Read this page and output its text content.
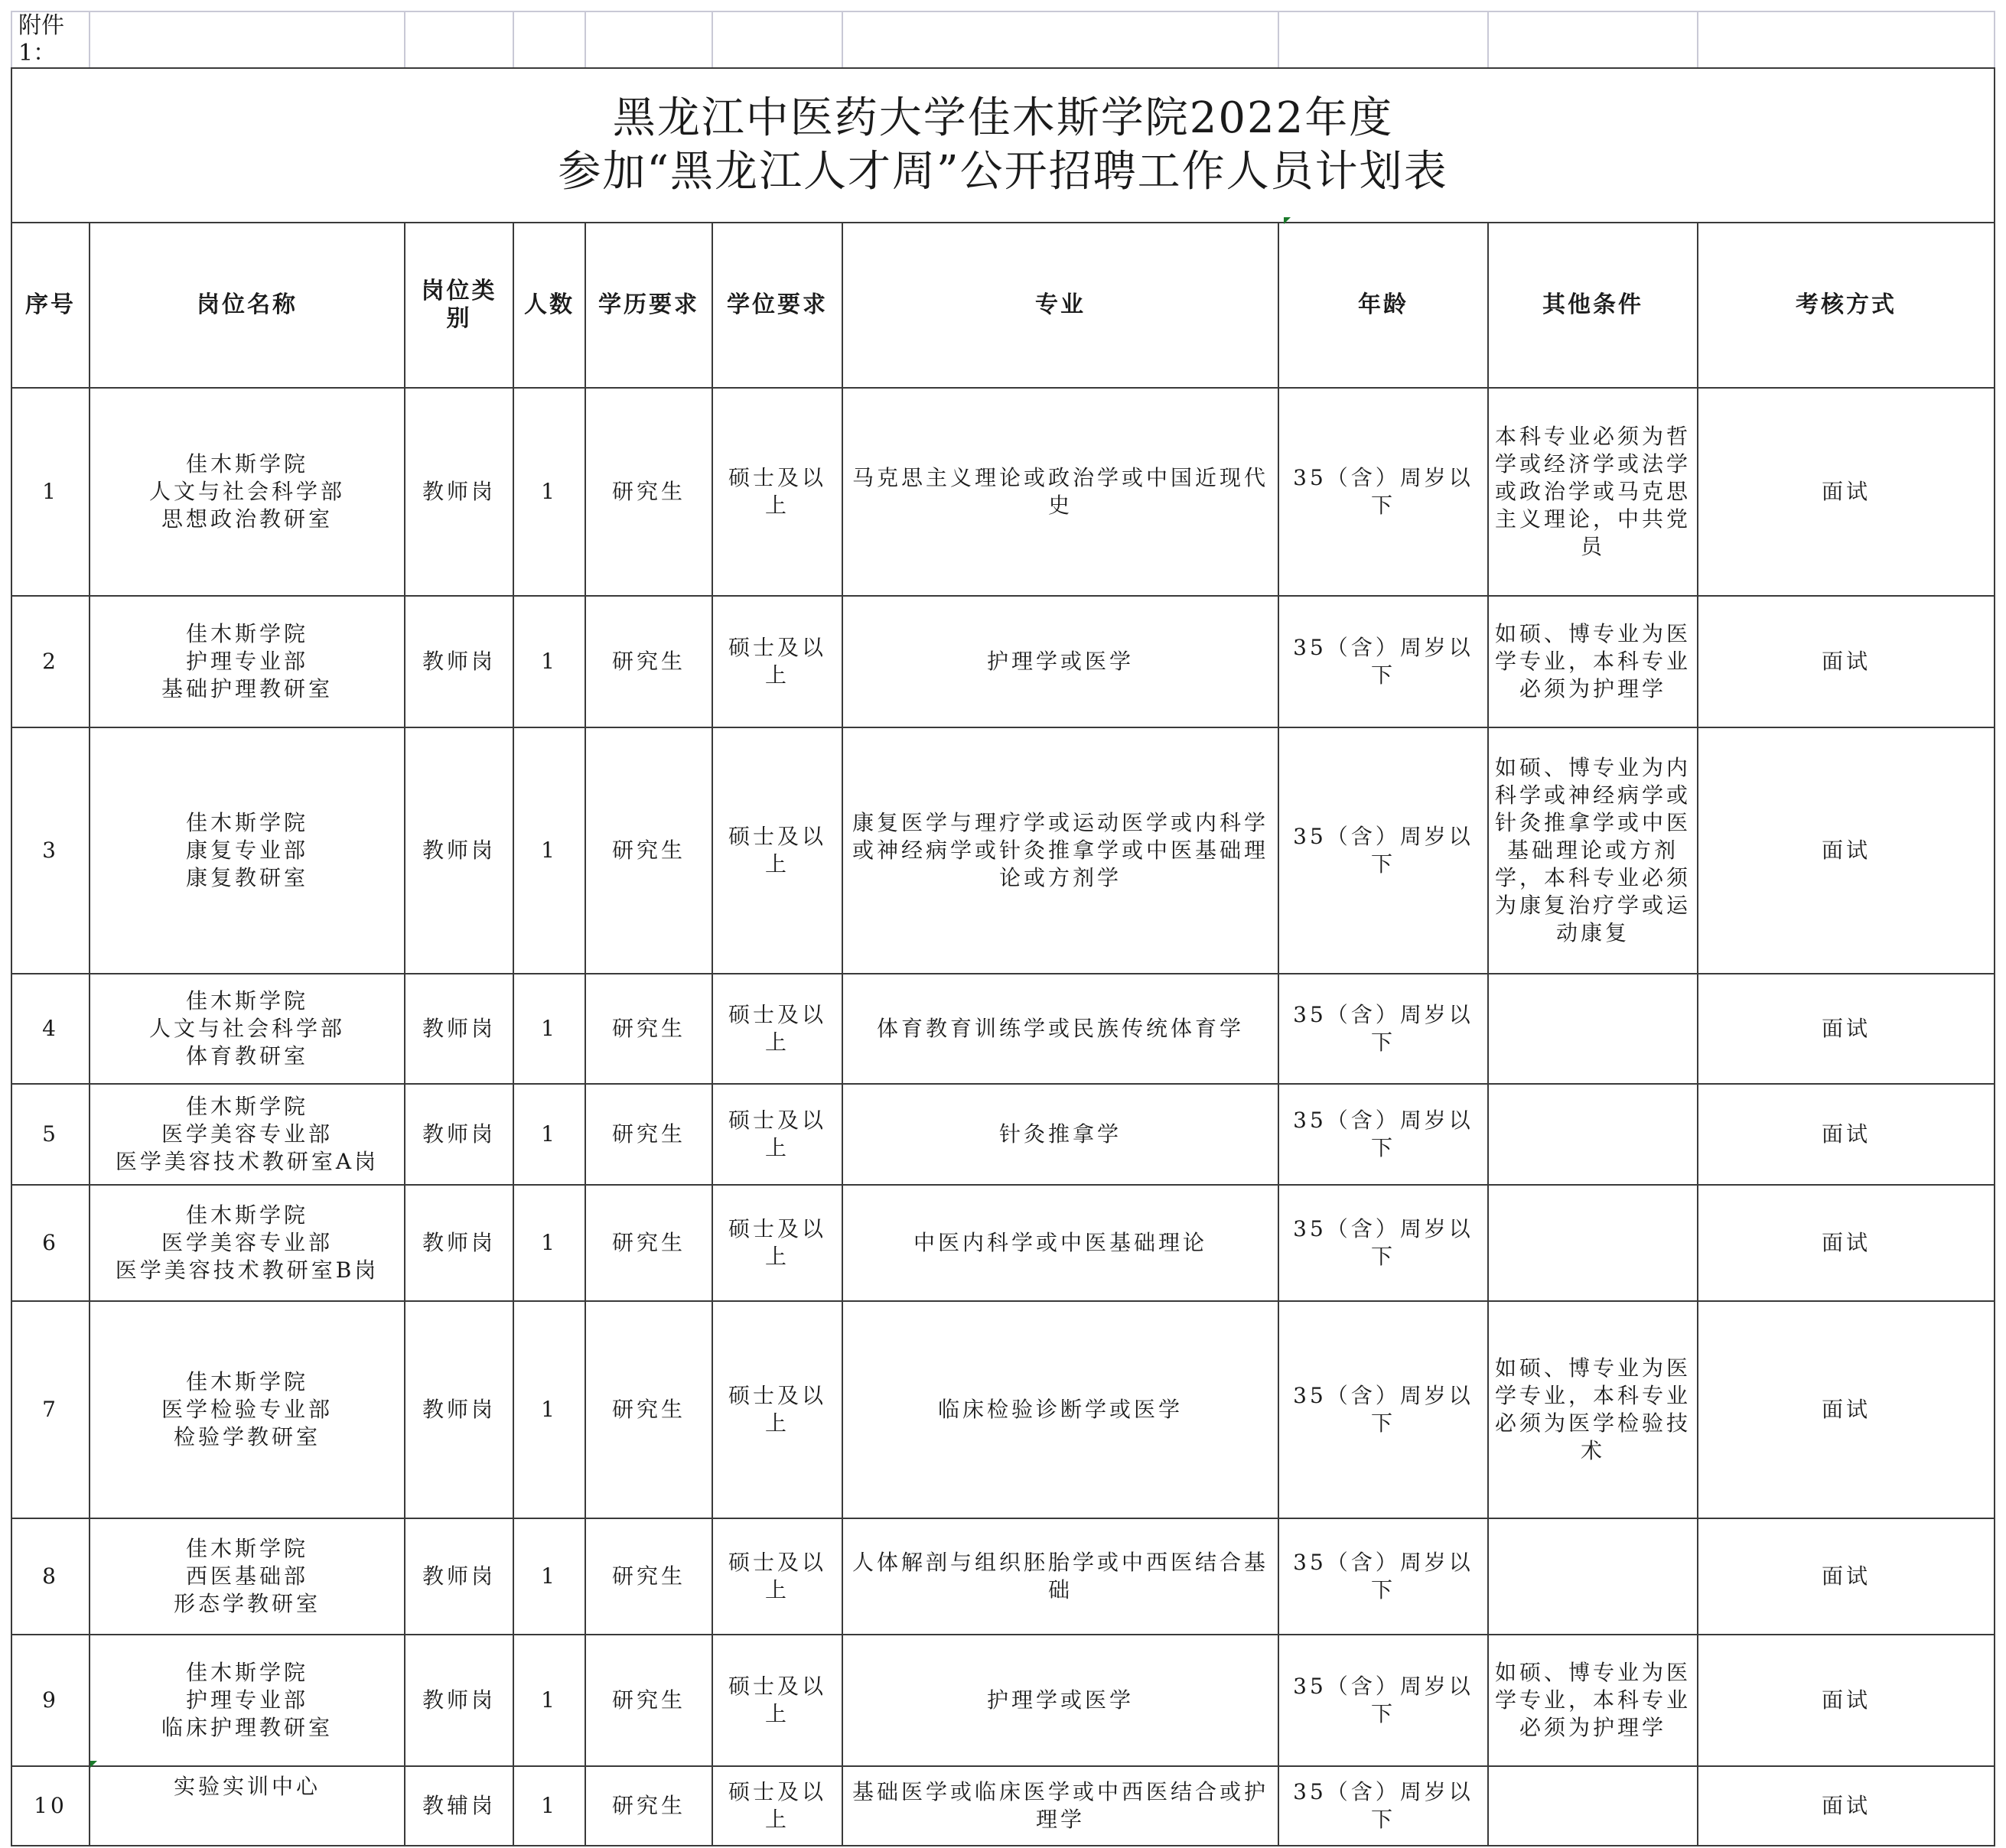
附件1：									

黑龙江中医药大学佳木斯学院2022年度
参加“黑龙江人才周”公开招聘工作人员计划表									

序号	岗位名称	岗位类别	人数	学历要求	学位要求	专业	年龄	其他条件	考核方式
1	佳木斯学院
人文与社会科学部
思想政治教研室	教师岗	1	研究生	硕士及以上	马克思主义理论或政治学或中国近现代史	35（含）周岁以下	本科专业必须为哲学或经济学或法学或政治学或马克思主义理论，中共党员	面试
2	佳木斯学院
护理专业部
基础护理教研室	教师岗	1	研究生	硕士及以上	护理学或医学	35（含）周岁以下	如硕、博专业为医学专业，本科专业必须为护理学	面试
3	佳木斯学院
康复专业部
康复教研室	教师岗	1	研究生	硕士及以上	康复医学与理疗学或运动医学或内科学或神经病学或针灸推拿学或中医基础理论或方剂学	35（含）周岁以下	如硕、博专业为内科学或神经病学或针灸推拿学或中医基础理论或方剂学，本科专业必须为康复治疗学或运动康复	面试
4	佳木斯学院
人文与社会科学部
体育教研室	教师岗	1	研究生	硕士及以上	体育教育训练学或民族传统体育学	35（含）周岁以下		面试
5	佳木斯学院
医学美容专业部
医学美容技术教研室A岗	教师岗	1	研究生	硕士及以上	针灸推拿学	35（含）周岁以下		面试
6	佳木斯学院
医学美容专业部
医学美容技术教研室B岗	教师岗	1	研究生	硕士及以上	中医内科学或中医基础理论	35（含）周岁以下		面试
7	佳木斯学院
医学检验专业部
检验学教研室	教师岗	1	研究生	硕士及以上	临床检验诊断学或医学	35（含）周岁以下	如硕、博专业为医学专业，本科专业必须为医学检验技术	面试
8	佳木斯学院
西医基础部
形态学教研室	教师岗	1	研究生	硕士及以上	人体解剖与组织胚胎学或中西医结合基础	35（含）周岁以下		面试
9	佳木斯学院
护理专业部
临床护理教研室	教师岗	1	研究生	硕士及以上	护理学或医学	35（含）周岁以下	如硕、博专业为医学专业，本科专业必须为护理学	面试
10	实验实训中心	教辅岗	1	研究生	硕士及以上	基础医学或临床医学或中西医结合或护理学	35（含）周岁以下		面试
